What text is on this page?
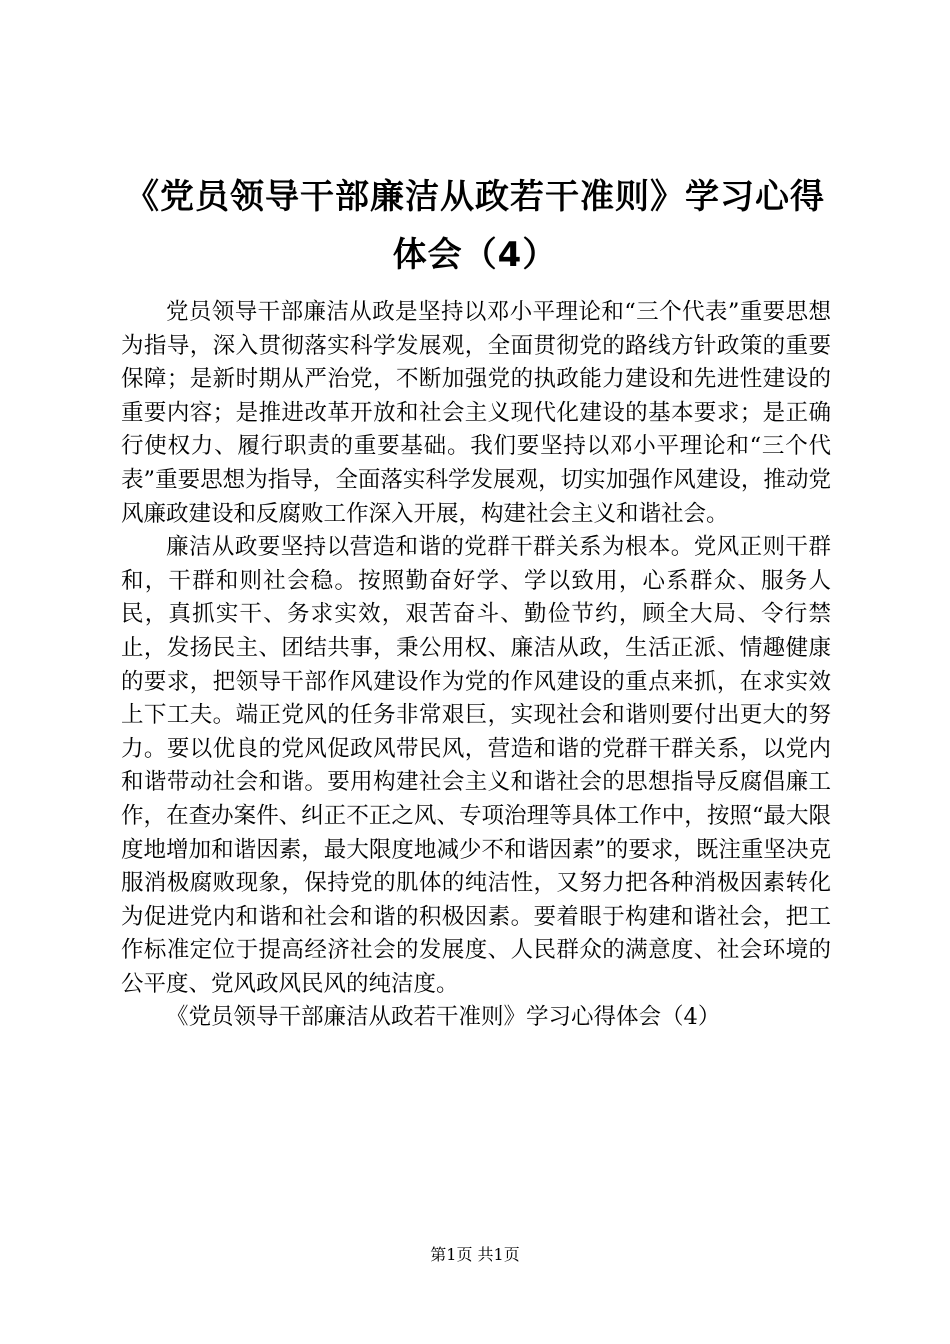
《党员领导干部廉洁从政若干准则》学习心得体会（4）

党员领导干部廉洁从政是坚持以邓小平理论和“三个代表”重要思想为指导，深入贯彻落实科学发展观，全面贯彻党的路线方针政策的重要保障；是新时期从严治党，不断加强党的执政能力建设和先进性建设的重要内容；是推进改革开放和社会主义现代化建设的基本要求；是正确行使权力、履行职责的重要基础。我们要坚持以邓小平理论和“三个代表”重要思想为指导，全面落实科学发展观，切实加强作风建设，推动党风廉政建设和反腐败工作深入开展，构建社会主义和谐社会。

廉洁从政要坚持以营造和谐的党群干群关系为根本。党风正则干群和，干群和则社会稳。按照勤奋好学、学以致用，心系群众、服务人民，真抓实干、务求实效，艰苦奋斗、勤俭节约，顾全大局、令行禁止，发扬民主、团结共事，秉公用权、廉洁从政，生活正派、情趣健康的要求，把领导干部作风建设作为党的作风建设的重点来抓，在求实效上下工夫。端正党风的任务非常艰巨，实现社会和谐则要付出更大的努力。要以优良的党风促政风带民风，营造和谐的党群干群关系，以党内和谐带动社会和谐。要用构建社会主义和谐社会的思想指导反腐倡廉工作，在查办案件、纠正不正之风、专项治理等具体工作中，按照“最大限度地增加和谐因素，最大限度地减少不和谐因素”的要求，既注重坚决克服消极腐败现象，保持党的肌体的纯洁性，又努力把各种消极因素转化为促进党内和谐和社会和谐的积极因素。要着眼于构建和谐社会，把工作标准定位于提高经济社会的发展度、人民群众的满意度、社会环境的公平度、党风政风民风的纯洁度。

《党员领导干部廉洁从政若干准则》学习心得体会（4）

第1页 共1页
